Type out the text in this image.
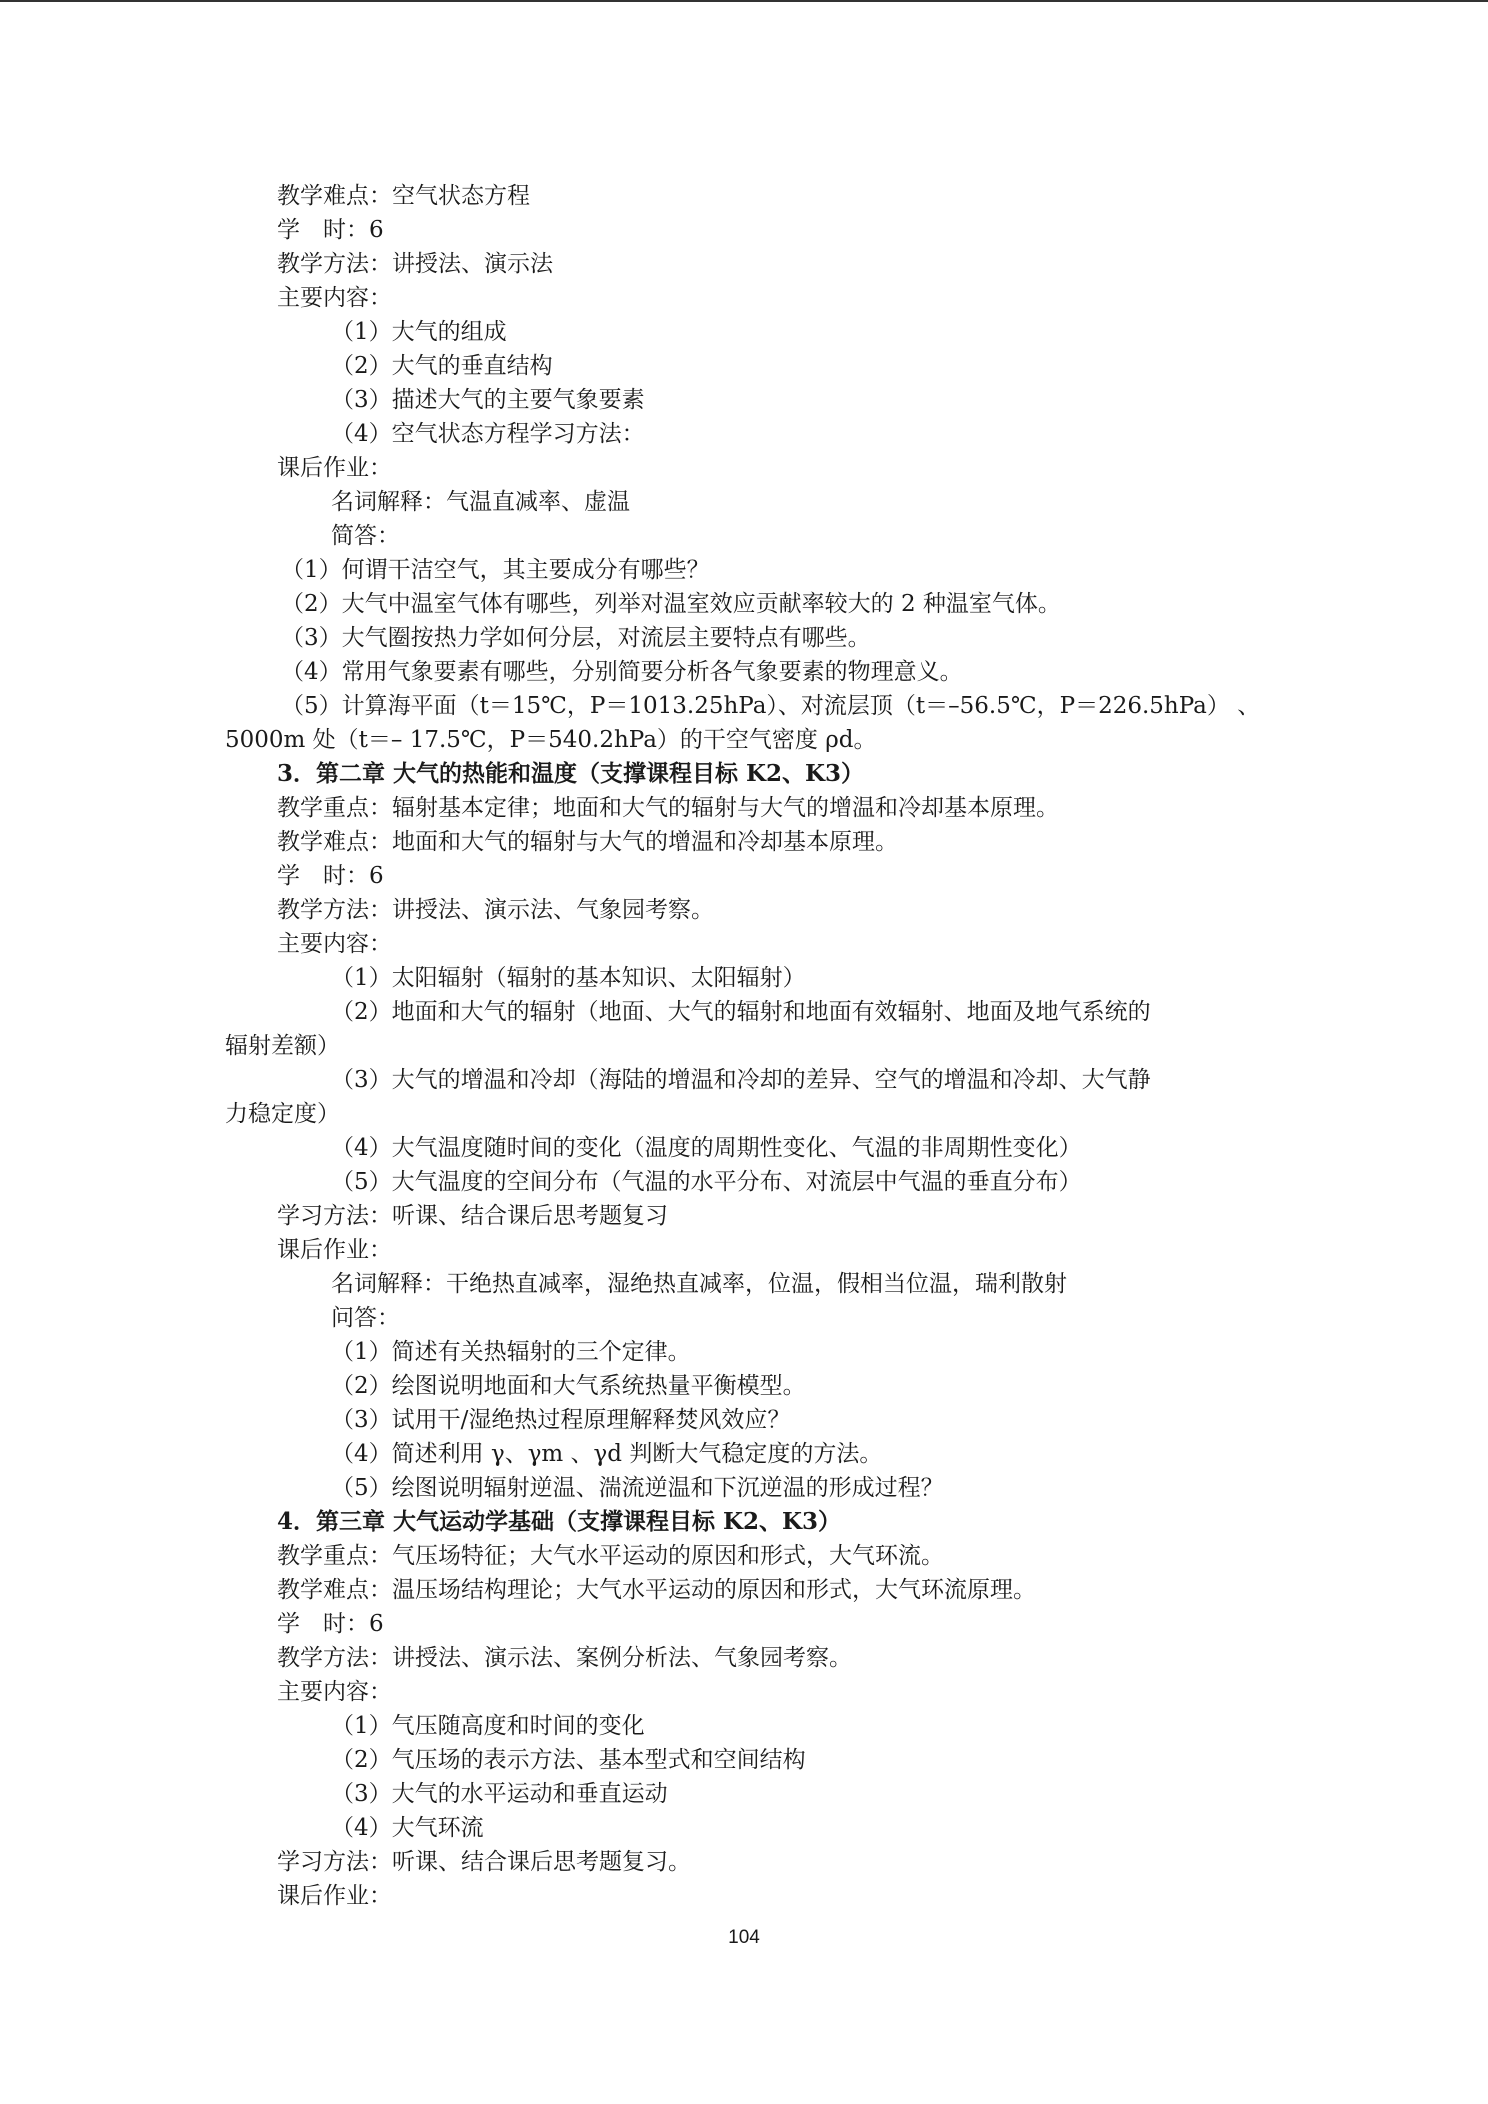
教学难点：空气状态方程
学　时：6
教学方法：讲授法、演示法
主要内容：
（1）大气的组成
（2）大气的垂直结构
（3）描述大气的主要气象要素
（4）空气状态方程学习方法：
课后作业：
名词解释：气温直减率、虚温
简答：
（1）何谓干洁空气，其主要成分有哪些？
（2）大气中温室气体有哪些，列举对温室效应贡献率较大的 2 种温室气体。
（3）大气圈按热力学如何分层，对流层主要特点有哪些。
（4）常用气象要素有哪些，分别简要分析各气象要素的物理意义。
（5）计算海平面（t＝15℃，P＝1013.25hPa）、对流层顶（t＝–56.5℃，P＝226.5hPa） 、
5000m 处（t＝– 17.5℃，P＝540.2hPa）的干空气密度 ρd。
3．第二章 大气的热能和温度（支撑课程目标 K2、K3）
教学重点：辐射基本定律；地面和大气的辐射与大气的增温和冷却基本原理。
教学难点：地面和大气的辐射与大气的增温和冷却基本原理。
学　时：6
教学方法：讲授法、演示法、气象园考察。
主要内容：
（1）太阳辐射（辐射的基本知识、太阳辐射）
（2）地面和大气的辐射（地面、大气的辐射和地面有效辐射、地面及地气系统的
辐射差额）
（3）大气的增温和冷却（海陆的增温和冷却的差异、空气的增温和冷却、大气静
力稳定度）
（4）大气温度随时间的变化（温度的周期性变化、气温的非周期性变化）
（5）大气温度的空间分布（气温的水平分布、对流层中气温的垂直分布）
学习方法：听课、结合课后思考题复习
课后作业：
名词解释：干绝热直减率，湿绝热直减率，位温，假相当位温，瑞利散射
问答：
（1）简述有关热辐射的三个定律。
（2）绘图说明地面和大气系统热量平衡模型。
（3）试用干/湿绝热过程原理解释焚风效应？
（4）简述利用 γ、γm 、γd 判断大气稳定度的方法。
（5）绘图说明辐射逆温、湍流逆温和下沉逆温的形成过程？
4．第三章 大气运动学基础（支撑课程目标 K2、K3）
教学重点：气压场特征；大气水平运动的原因和形式，大气环流。
教学难点：温压场结构理论；大气水平运动的原因和形式，大气环流原理。
学　时：6
教学方法：讲授法、演示法、案例分析法、气象园考察。
主要内容：
（1）气压随高度和时间的变化
（2）气压场的表示方法、基本型式和空间结构
（3）大气的水平运动和垂直运动
（4）大气环流
学习方法：听课、结合课后思考题复习。
课后作业：
104
